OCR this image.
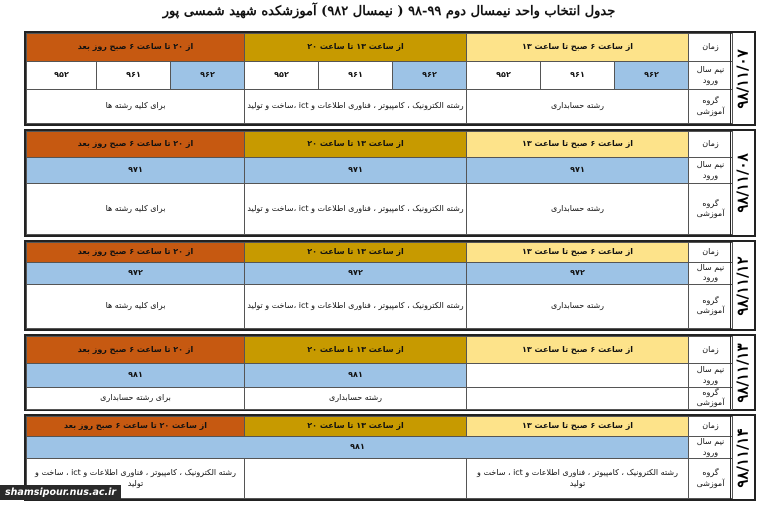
جدول انتخاب واحد نیمسال دوم ۹۹-۹۸ ( نیمسال ۹۸۲) آموزشکده شهید شمسی پور
زمان	از ساعت ۶ صبح تا ساعت ۱۳			از ساعت ۱۳ تا ساعت ۲۰			از ۲۰ تا ساعت ۶ صبح روز بعد		
نیم سال ورود	۹۶۲	۹۶۱	۹۵۲	۹۶۲	۹۶۱	۹۵۲	۹۶۲	۹۶۱	۹۵۲
گروه آموزشی	رشته حسابداری			رشته الکترونیک ، کامپیوتر ، فناوری اطلاعات و ict ،ساخت و تولید			برای کلیه رشته ها			۹۸/۱۱/۰۷
زمان	از ساعت ۶ صبح تا ساعت ۱۳	از ساعت ۱۳ تا ساعت ۲۰	از ۲۰ تا ساعت ۶ صبح روز بعد
نیم سال ورود	۹۷۱	۹۷۱	۹۷۱
گروه آموزشی	رشته حسابداری	رشته الکترونیک ، کامپیوتر ، فناوری اطلاعات و ict ،ساخت و تولید	برای کلیه رشته ها	۹۸/۱۱/۰۸
زمان	از ساعت ۶ صبح تا ساعت ۱۳	از ساعت ۱۳ تا ساعت ۲۰	از ۲۰ تا ساعت ۶ صبح روز بعد
نیم سال ورود	۹۷۲	۹۷۲	۹۷۲
گروه آموزشی	رشته حسابداری	رشته الکترونیک ، کامپیوتر ، فناوری اطلاعات و ict ،ساخت و تولید	برای کلیه رشته ها	۹۸/۱۱/۱۲
زمان	از ساعت ۶ صبح تا ساعت ۱۳	از ساعت ۱۳ تا ساعت ۲۰	از ۲۰ تا ساعت ۶ صبح روز بعد
نیم سال ورود		۹۸۱	۹۸۱
گروه آموزشی		رشته حسابداری	برای رشته حسابداری	۹۸/۱۱/۱۳
زمان	از ساعت ۶ صبح تا ساعت ۱۳	از ساعت ۱۳ تا ساعت ۲۰	از ساعت ۲۰ تا ساعت ۶ صبح روز بعد
نیم سال ورود	۹۸۱		
گروه آموزشی	رشته الکترونیک ، کامپیوتر ، فناوری اطلاعات و ict ، ساخت و تولید		رشته الکترونیک ، کامپیوتر ، فناوری اطلاعات و ict ، ساخت و تولید	۹۸/۱۱/۱۴
shamsipour.nus.ac.ir
